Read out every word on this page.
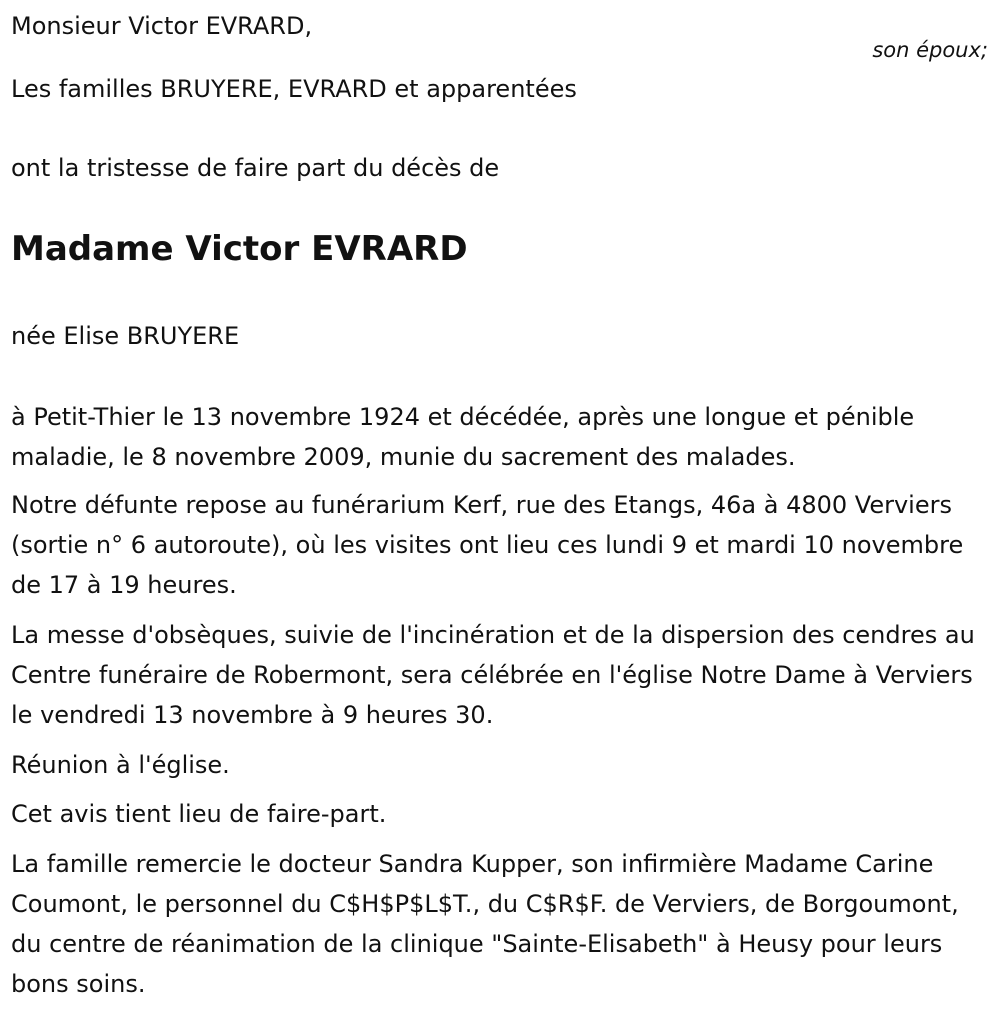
Monsieur Victor EVRARD,
son époux;
Les familles BRUYERE, EVRARD et apparentées
ont la tristesse de faire part du décès de
Madame Victor EVRARD
née Elise BRUYERE

à Petit-Thier le 13 novembre 1924 et décédée, après une longue et pénible maladie, le 8 novembre 2009, munie du sacrement des malades.

Notre défunte repose au funérarium Kerf, rue des Etangs, 46a à 4800 Verviers (sortie n° 6 autoroute), où les visites ont lieu ces lundi 9 et mardi 10 novembre de 17 à 19 heures.

La messe d'obsèques, suivie de l'incinération et de la dispersion des cendres au Centre funéraire de Robermont, sera célébrée en l'église Notre Dame à Verviers le vendredi 13 novembre à 9 heures 30.

Réunion à l'église.

Cet avis tient lieu de faire-part.

La famille remercie le docteur Sandra Kupper, son infirmière Madame Carine Coumont, le personnel du C$H$P$L$T., du C$R$F. de Verviers, de Borgoumont, du centre de réanimation de la clinique "Sainte-Elisabeth" à Heusy pour leurs bons soins.
